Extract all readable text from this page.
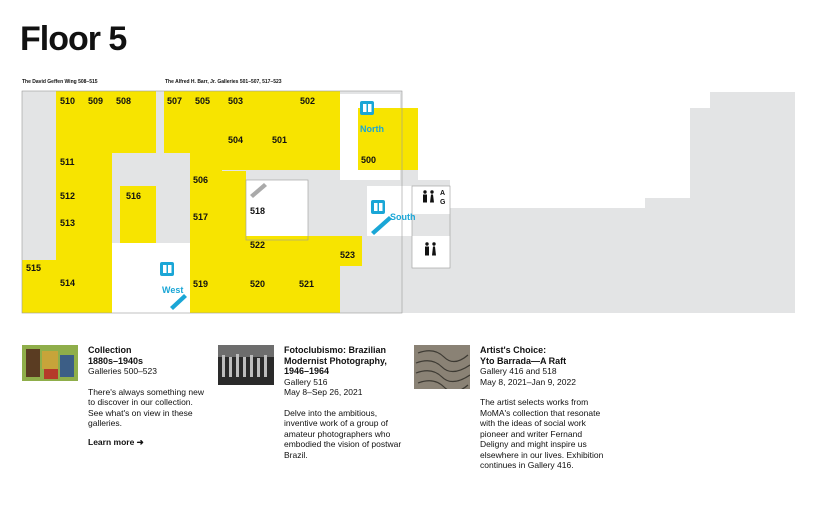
Floor 5
The David Geffen Wing 508–515	The Alfred H. Barr, Jr. Galleries 501–507, 517–523
510 509 508	507 505 503	502
504	501
500
511
506
512	516
513
518
517
522
515
523
514	519	520	521
A
G
North
South
West
Collection
1880s–1940s
Galleries 500–523

There's always something new to discover in our collection. See what's on view in these galleries.

Learn more ➜
Fotoclubismo: Brazilian Modernist Photography, 1946–1964
Gallery 516
May 8–Sep 26, 2021

Delve into the ambitious, inventive work of a group of amateur photographers who embodied the vision of postwar Brazil.

Artist's Choice:
Yto Barrada—A Raft
Gallery 416 and 518
May 8, 2021–Jan 9, 2022

The artist selects works from MoMA's collection that resonate with the ideas of social work pioneer and writer Fernand Deligny and might inspire us elsewhere in our lives. Exhibition continues in Gallery 416.
